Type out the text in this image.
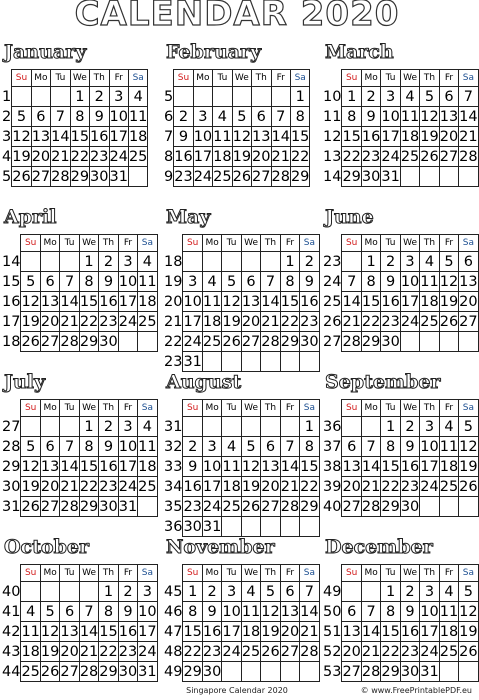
CALENDAR 2020
January
	Su	Mo	Tu	We	Th	Fr	Sa
1				1	2	3	4
2	5	6	7	8	9	10	11
3	12	13	14	15	16	17	18
4	19	20	21	22	23	24	25
5	26	27	28	29	30	31	
February
	Su	Mo	Tu	We	Th	Fr	Sa
5							1
6	2	3	4	5	6	7	8
7	9	10	11	12	13	14	15
8	16	17	18	19	20	21	22
9	23	24	25	26	27	28	29
March
	Su	Mo	Tu	We	Th	Fr	Sa
10	1	2	3	4	5	6	7
11	8	9	10	11	12	13	14
12	15	16	17	18	19	20	21
13	22	23	24	25	26	27	28
14	29	30	31				
April
	Su	Mo	Tu	We	Th	Fr	Sa
14				1	2	3	4
15	5	6	7	8	9	10	11
16	12	13	14	15	16	17	18
17	19	20	21	22	23	24	25
18	26	27	28	29	30		
May
	Su	Mo	Tu	We	Th	Fr	Sa
18						1	2
19	3	4	5	6	7	8	9
20	10	11	12	13	14	15	16
21	17	18	19	20	21	22	23
22	24	25	26	27	28	29	30
23	31						
June
	Su	Mo	Tu	We	Th	Fr	Sa
23		1	2	3	4	5	6
24	7	8	9	10	11	12	13
25	14	15	16	17	18	19	20
26	21	22	23	24	25	26	27
27	28	29	30				
July
	Su	Mo	Tu	We	Th	Fr	Sa
27				1	2	3	4
28	5	6	7	8	9	10	11
29	12	13	14	15	16	17	18
30	19	20	21	22	23	24	25
31	26	27	28	29	30	31	
August
	Su	Mo	Tu	We	Th	Fr	Sa
31							1
32	2	3	4	5	6	7	8
33	9	10	11	12	13	14	15
34	16	17	18	19	20	21	22
35	23	24	25	26	27	28	29
36	30	31					
September
	Su	Mo	Tu	We	Th	Fr	Sa
36			1	2	3	4	5
37	6	7	8	9	10	11	12
38	13	14	15	16	17	18	19
39	20	21	22	23	24	25	26
40	27	28	29	30			
October
	Su	Mo	Tu	We	Th	Fr	Sa
40					1	2	3
41	4	5	6	7	8	9	10
42	11	12	13	14	15	16	17
43	18	19	20	21	22	23	24
44	25	26	27	28	29	30	31
November
	Su	Mo	Tu	We	Th	Fr	Sa
45	1	2	3	4	5	6	7
46	8	9	10	11	12	13	14
47	15	16	17	18	19	20	21
48	22	23	24	25	26	27	28
49	29	30					
December
	Su	Mo	Tu	We	Th	Fr	Sa
49			1	2	3	4	5
50	6	7	8	9	10	11	12
51	13	14	15	16	17	18	19
52	20	21	22	23	24	25	26
53	27	28	29	30	31		
Singapore Calendar 2020	© www.FreePrintablePDF.eu
